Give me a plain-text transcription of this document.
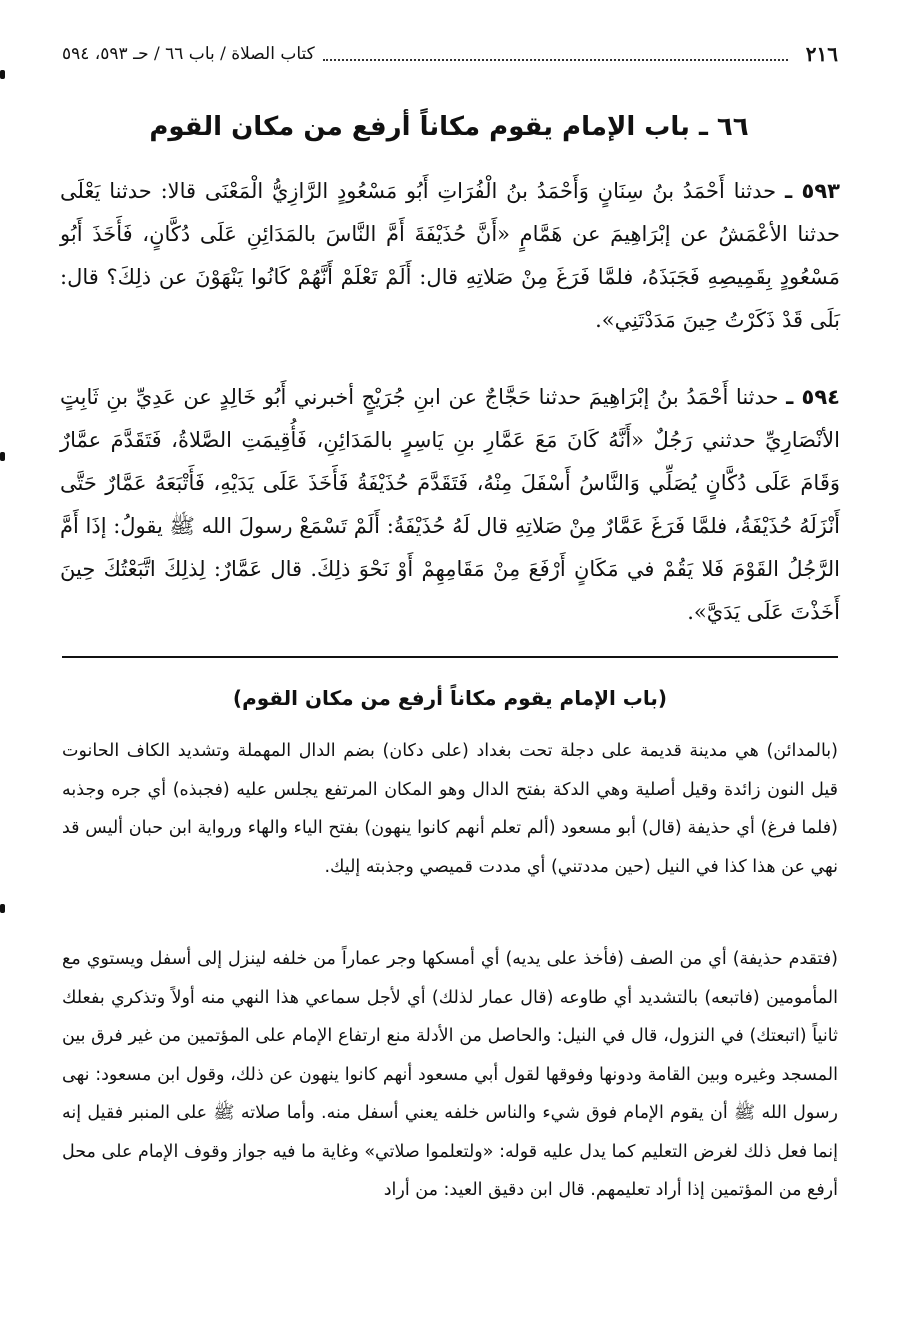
٢١٦
كتاب الصلاة / باب ٦٦ / حـ ٥٩٣، ٥٩٤
٦٦ ـ باب الإمام يقوم مكاناً أرفع من مكان القوم

٥٩٣ ـ حدثنا أَحْمَدُ بنُ سِنَانٍ وَأَحْمَدُ بنُ الْفُرَاتِ أَبُو مَسْعُودٍ الرَّازِيُّ الْمَعْنَى قالا: حدثنا يَعْلَى حدثنا الأعْمَشُ عن إبْرَاهِيمَ عن هَمَّامٍ «أَنَّ حُذَيْفَةَ أَمَّ النَّاسَ بالمَدَائِنِ عَلَى دُكَّانٍ، فَأَخَذَ أَبُو مَسْعُودٍ بِقَمِيصِهِ فَجَبَذَهُ، فلمَّا فَرَغَ مِنْ صَلاتِهِ قال: أَلَمْ تَعْلَمْ أَنَّهُمْ كَانُوا يَنْهَوْنَ عن ذلِكَ؟ قال: بَلَى قَدْ ذَكَرْتُ حِينَ مَدَدْتَنِي».

٥٩٤ ـ حدثنا أَحْمَدُ بنُ إبْرَاهِيمَ حدثنا حَجَّاجٌ عن ابنِ جُرَيْجٍ أخبرني أَبُو خَالِدٍ عن عَدِيِّ بنِ ثَابِتٍ الأنْصَارِيِّ حدثني رَجُلٌ «أَنَّهُ كَانَ مَعَ عَمَّارِ بنِ يَاسِرٍ بالمَدَائِنِ، فَأُقِيمَتِ الصَّلاةُ، فَتَقَدَّمَ عمَّارٌ وَقَامَ عَلَى دُكَّانٍ يُصَلِّي وَالنَّاسُ أَسْفَلَ مِنْهُ، فَتَقَدَّمَ حُذَيْفَةُ فَأَخَذَ عَلَى يَدَيْهِ، فَأَتْبَعَهُ عَمَّارٌ حَتَّى أَنْزَلَهُ حُذَيْفَةُ، فلمَّا فَرَغَ عَمَّارٌ مِنْ صَلاتِهِ قال لَهُ حُذَيْفَةُ: أَلَمْ تَسْمَعْ رسولَ الله ﷺ يقولُ: إذَا أَمَّ الرَّجُلُ القَوْمَ فَلا يَقُمْ في مَكَانٍ أَرْفَعَ مِنْ مَقَامِهِمْ أَوْ نَحْوَ ذلِكَ. قال عَمَّارٌ: لِذلِكَ اتَّبَعْتُكَ حِينَ أَخَذْتَ عَلَى يَدَيَّ».

(باب الإمام يقوم مكاناً أرفع من مكان القوم)

(بالمدائن) هي مدينة قديمة على دجلة تحت بغداد (على دكان) بضم الدال المهملة وتشديد الكاف الحانوت قيل النون زائدة وقيل أصلية وهي الدكة بفتح الدال وهو المكان المرتفع يجلس عليه (فجبذه) أي جره وجذبه (فلما فرغ) أي حذيفة (قال) أبو مسعود (ألم تعلم أنهم كانوا ينهون) بفتح الياء والهاء ورواية ابن حبان أليس قد نهي عن هذا كذا في النيل (حين مددتني) أي مددت قميصي وجذبته إليك.

(فتقدم حذيفة) أي من الصف (فأخذ على يديه) أي أمسكها وجر عماراً من خلفه لينزل إلى أسفل ويستوي مع المأمومين (فاتبعه) بالتشديد أي طاوعه (قال عمار لذلك) أي لأجل سماعي هذا النهي منه أولاً وتذكري بفعلك ثانياً (اتبعتك) في النزول، قال في النيل: والحاصل من الأدلة منع ارتفاع الإمام على المؤتمين من غير فرق بين المسجد وغيره وبين القامة ودونها وفوقها لقول أبي مسعود أنهم كانوا ينهون عن ذلك، وقول ابن مسعود: نهى رسول الله ﷺ أن يقوم الإمام فوق شيء والناس خلفه يعني أسفل منه. وأما صلاته ﷺ على المنبر فقيل إنه إنما فعل ذلك لغرض التعليم كما يدل عليه قوله: «ولتعلموا صلاتي» وغاية ما فيه جواز وقوف الإمام على محل أرفع من المؤتمين إذا أراد تعليمهم. قال ابن دقيق العيد: من أراد
